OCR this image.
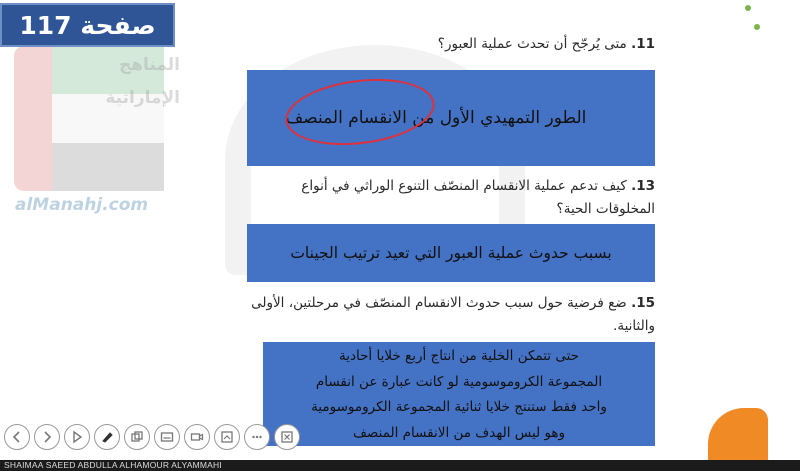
المناهج
الإماراتية
alManahj.com
صفحة 117
11. متى يُرجّح أن تحدث عملية العبور؟
الطور التمهيدي الأول من الانقسام المنصف
13. كيف تدعم عملية الانقسام المنصّف التنوع الوراثي في أنواع المخلوقات الحية؟
بسبب حدوث عملية العبور التي تعيد ترتيب الجينات
15. ضع فرضية حول سبب حدوث الانقسام المنصّف في مرحلتين، الأولى والثانية.
حتى تتمكن الخلية من انتاج أربع خلايا أحادية
المجموعة الكروموسومية لو كانت عبارة عن انقسام
واحد فقط ستنتج خلايا ثنائية المجموعة الكروموسومية
وهو ليس الهدف من الانقسام المنصف
SHAIMAA SAEED ABDULLA ALHAMOUR ALYAMMAHI
